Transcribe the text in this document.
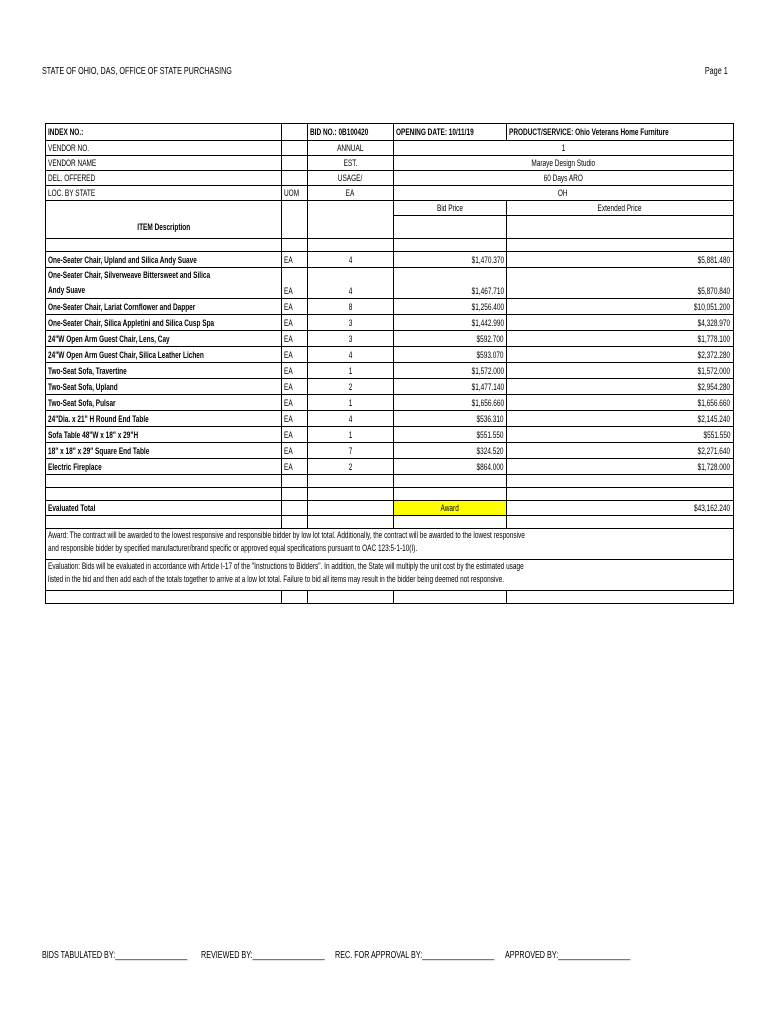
STATE OF OHIO, DAS, OFFICE OF STATE PURCHASING	Page 1
INDEX NO.:		BID NO.: 0B100420	OPENING DATE: 10/11/19	PRODUCT/SERVICE: Ohio Veterans Home Furniture
VENDOR NO.		ANNUAL	1	
VENDOR NAME		EST.	Maraye Design Studio	
DEL. OFFERED		USAGE/	60 Days ARO	
LOC. BY STATE	UOM	EA	OH	
			Bid Price	Extended Price
ITEM Description				

One-Seater Chair, Upland and Silica Andy Suave	EA	4	$1,470.370	$5,881.480
One-Seater Chair, Silverweave Bittersweet and Silica
Andy Suave	EA	4	$1,467.710	$5,870.840
One-Seater Chair, Lariat Cornflower and Dapper	EA	8	$1,256.400	$10,051.200
One-Seater Chair, Silica Appletini and Silica Cusp Spa	EA	3	$1,442.990	$4,328.970
24"W Open Arm Guest Chair, Lens, Cay	EA	3	$592.700	$1,778.100
24"W Open Arm Guest Chair, Silica Leather Lichen	EA	4	$593.070	$2,372.280
Two-Seat Sofa, Travertine	EA	1	$1,572.000	$1,572.000
Two-Seat Sofa, Upland	EA	2	$1,477.140	$2,954.280
Two-Seat Sofa, Pulsar	EA	1	$1,656.660	$1,656.660
24"Dia. x 21" H Round End Table	EA	4	$536.310	$2,145.240
Sofa Table 48"W x 18" x 29"H	EA	1	$551.550	$551.550
18" x 18" x 29" Square End Table	EA	7	$324.520	$2,271.640
Electric Fireplace	EA	2	$864.000	$1,728.000

Evaluated Total			Award	$43,162.240

Award: The contract will be awarded to the lowest responsive and responsible bidder by low lot total. Additionally, the contract will be awarded to the lowest responsive and responsible bidder by specified manufacturer/brand specific or approved equal specifications pursuant to OAC 123:5-1-10(I).				

Evaluation: Bids will be evaluated in accordance with Article I-17 of the "Instructions to Bidders". In addition, the State will multiply the unit cost by the estimated usage listed in the bid and then add each of the totals together to arrive at a low lot total. Failure to bid all items may result in the bidder being deemed not responsive.				

BIDS TABULATED BY:__________________ REVIEWED BY:__________________ REC. FOR APPROVAL BY:__________________ APPROVED BY:__________________
